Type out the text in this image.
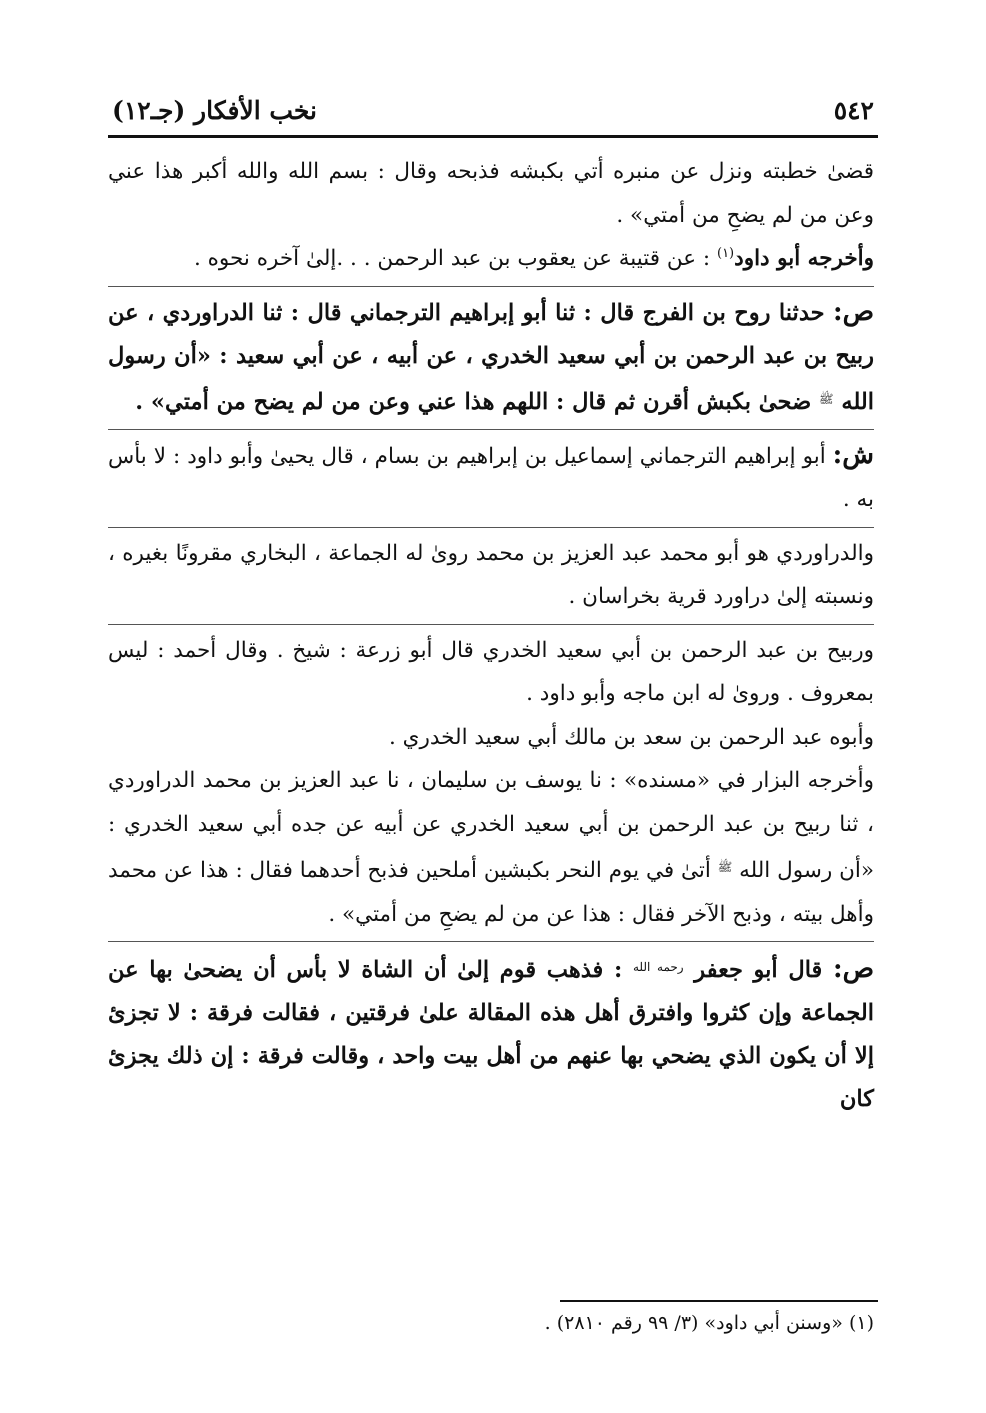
٥٤٢
نخب الأفكار (جـ١٢)

قضىٰ خطبته ونزل عن منبره أتي بكبشه فذبحه وقال : بسم الله والله أكبر هذا عني وعن من لم يضحِ من أمتي» .

وأخرجه أبو داود$^{(١)}$ : عن قتيبة عن يعقوب بن عبد الرحمن . . .إلىٰ آخره نحوه .

ص: حدثنا روح بن الفرج قال : ثنا أبو إبراهيم الترجماني قال : ثنا الدراوردي ، عن ربيح بن عبد الرحمن بن أبي سعيد الخدري ، عن أبيه ، عن أبي سعيد : «أن رسول الله $^ﷺ$ ضحىٰ بكبش أقرن ثم قال : اللهم هذا عني وعن من لم يضح من أمتي» .

ش: أبو إبراهيم الترجماني إسماعيل بن إبراهيم بن بسام ، قال يحيىٰ وأبو داود : لا بأس به .

والدراوردي هو أبو محمد عبد العزيز بن محمد روىٰ له الجماعة ، البخاري مقرونًا بغيره ، ونسبته إلىٰ دراورد قرية بخراسان .

وربيح بن عبد الرحمن بن أبي سعيد الخدري قال أبو زرعة : شيخ . وقال أحمد : ليس بمعروف . وروىٰ له ابن ماجه وأبو داود .

وأبوه عبد الرحمن بن سعد بن مالك أبي سعيد الخدري .

وأخرجه البزار في «مسنده» : نا يوسف بن سليمان ، نا عبد العزيز بن محمد الدراوردي ، ثنا ربيح بن عبد الرحمن بن أبي سعيد الخدري عن أبيه عن جده أبي سعيد الخدري : «أن رسول الله $^ﷺ$ أتىٰ في يوم النحر بكبشين أملحين فذبح أحدهما فقال : هذا عن محمد وأهل بيته ، وذبح الآخر فقال : هذا عن من لم يضحِ من أمتي» .

ص: قال أبو جعفر $^{رحمه الله}$ : فذهب قوم إلىٰ أن الشاة لا بأس أن يضحىٰ بها عن الجماعة وإن كثروا وافترق أهل هذه المقالة علىٰ فرقتين ، فقالت فرقة : لا تجزئ إلا أن يكون الذي يضحي بها عنهم من أهل بيت واحد ، وقالت فرقة : إن ذلك يجزئ كان

(١) «وسنن أبي داود» (٣/ ٩٩ رقم ٢٨١٠) .
